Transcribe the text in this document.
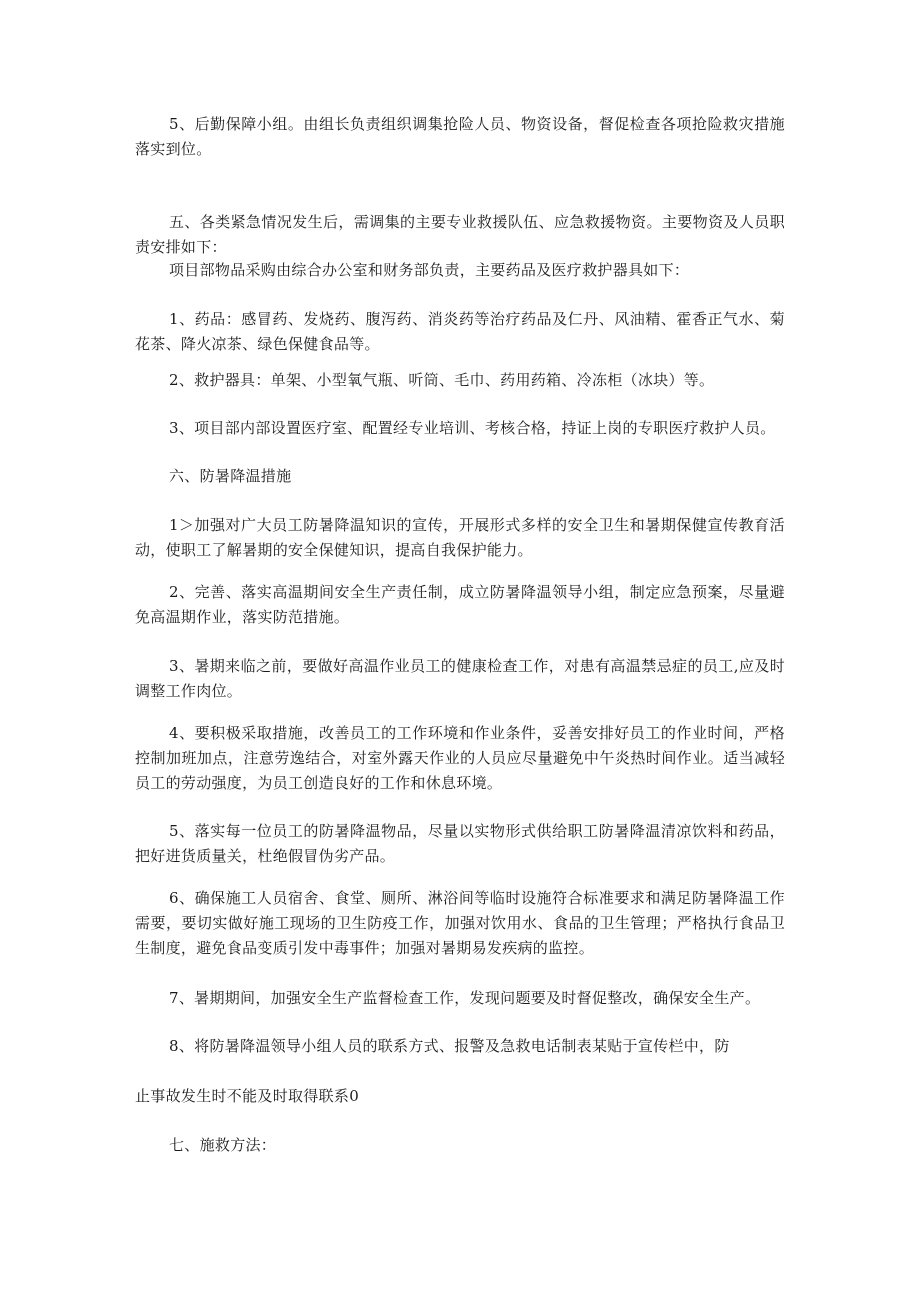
5、后勤保障小组。由组长负责组织调集抢险人员、物资设备，督促检查各项抢险救灾措施落实到位。

五、各类紧急情况发生后，需调集的主要专业救援队伍、应急救援物资。主要物资及人员职责安排如下：

项目部物品采购由综合办公室和财务部负责，主要药品及医疗救护器具如下：

1、药品：感冒药、发烧药、腹泻药、消炎药等治疗药品及仁丹、风油精、霍香正气水、菊花茶、降火凉茶、绿色保健食品等。

2、救护器具：单架、小型氧气瓶、听筒、毛巾、药用药箱、冷冻柜（冰块）等。

3、项目部内部设置医疗室、配置经专业培训、考核合格，持证上岗的专职医疗救护人员。

六、防暑降温措施

1＞加强对广大员工防暑降温知识的宣传，开展形式多样的安全卫生和暑期保健宣传教育活动，使职工了解暑期的安全保健知识，提高自我保护能力。

2、完善、落实高温期间安全生产责任制，成立防暑降温领导小组，制定应急预案，尽量避免高温期作业，落实防范措施。

3、暑期来临之前，要做好高温作业员工的健康检查工作，对患有高温禁忌症的员工,应及时调整工作肉位。

4、要积极采取措施，改善员工的工作环境和作业条件，妥善安排好员工的作业时间，严格控制加班加点，注意劳逸结合，对室外露天作业的人员应尽量避免中午炎热时间作业。适当减轻员工的劳动强度，为员工创造良好的工作和休息环境。

5、落实每一位员工的防暑降温物品，尽量以实物形式供给职工防暑降温清凉饮料和药品，把好进货质量关，杜绝假冒伪劣产品。

6、确保施工人员宿舍、食堂、厕所、淋浴间等临时设施符合标准要求和满足防暑降温工作需要，要切实做好施工现场的卫生防疫工作，加强对饮用水、食品的卫生管理；严格执行食品卫生制度，避免食品变质引发中毒事件；加强对暑期易发疾病的监控。

7、暑期期间，加强安全生产监督检查工作，发现问题要及时督促整改，确保安全生产。

8、将防暑降温领导小组人员的联系方式、报警及急救电话制表某贴于宣传栏中，防

止事故发生时不能及时取得联系0

七、施救方法：
